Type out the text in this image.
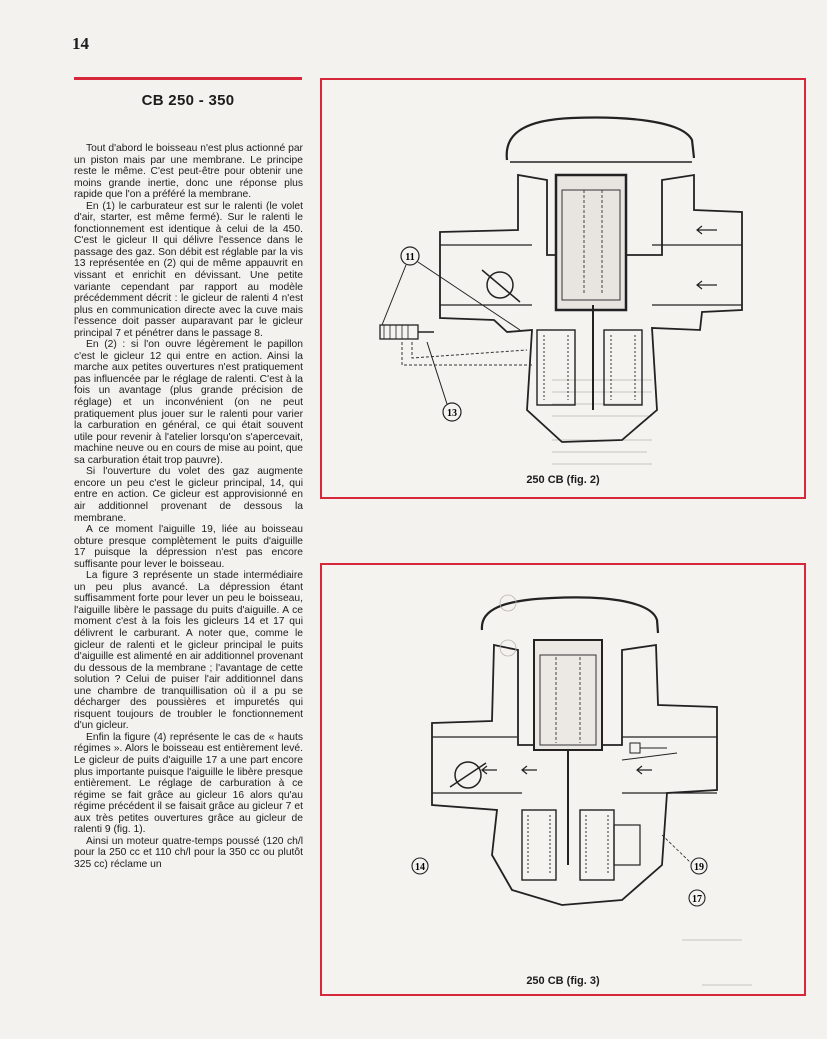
14
CB 250 - 350

Tout d'abord le boisseau n'est plus actionné par un piston mais par une membrane. Le principe reste le même. C'est peut-être pour obtenir une moins grande inertie, donc une réponse plus rapide que l'on a préféré la membrane.

En (1) le carburateur est sur le ralenti (le volet d'air, starter, est même fermé). Sur le ralenti le fonctionnement est identique à celui de la 450. C'est le gicleur II qui délivre l'essence dans le passage des gaz. Son débit est réglable par la vis 13 représentée en (2) qui de même appauvrit en vissant et enrichit en dévissant. Une petite variante cependant par rapport au modèle précédemment décrit : le gicleur de ralenti 4 n'est plus en communication directe avec la cuve mais l'essence doit passer auparavant par le gicleur principal 7 et pénétrer dans le passage 8.

En (2) : si l'on ouvre légèrement le papillon c'est le gicleur 12 qui entre en action. Ainsi la marche aux petites ouvertures n'est pratiquement pas influencée par le réglage de ralenti. C'est à la fois un avantage (plus grande précision de réglage) et un inconvénient (on ne peut pratiquement plus jouer sur le ralenti pour varier la carburation en général, ce qui était souvent utile pour revenir à l'atelier lorsqu'on s'apercevait, machine neuve ou en cours de mise au point, que sa carburation était trop pauvre).

Si l'ouverture du volet des gaz augmente encore un peu c'est le gicleur principal, 14, qui entre en action. Ce gicleur est approvisionné en air additionnel provenant de dessous la membrane.

A ce moment l'aiguille 19, liée au boisseau obture presque complètement le puits d'aiguille 17 puisque la dépression n'est pas encore suffisante pour lever le boisseau.

La figure 3 représente un stade intermédiaire un peu plus avancé. La dépression étant suffisamment forte pour lever un peu le boisseau, l'aiguille libère le passage du puits d'aiguille. A ce moment c'est à la fois les gicleurs 14 et 17 qui délivrent le carburant. A noter que, comme le gicleur de ralenti et le gicleur principal le puits d'aiguille est alimenté en air additionnel provenant du dessous de la membrane ; l'avantage de cette solution ? Celui de puiser l'air additionnel dans une chambre de tranquillisation où il a pu se décharger des poussières et impuretés qui risquent toujours de troubler le fonctionnement d'un gicleur.

Enfin la figure (4) représente le cas de « hauts régimes ». Alors le boisseau est entièrement levé. Le gicleur de puits d'aiguille 17 a une part encore plus importante puisque l'aiguille le libère presque entièrement. Le réglage de carburation à ce régime se fait grâce au gicleur 16 alors qu'au régime précédent il se faisait grâce au gicleur 7 et aux très petites ouvertures grâce au gicleur de ralenti 9 (fig. 1).

Ainsi un moteur quatre-temps poussé (120 ch/l pour la 250 cc et 110 ch/l pour la 350 cc ou plutôt 325 cc) réclame un

11
13
250 CB (fig. 2)
14	19
17
250 CB (fig. 3)
